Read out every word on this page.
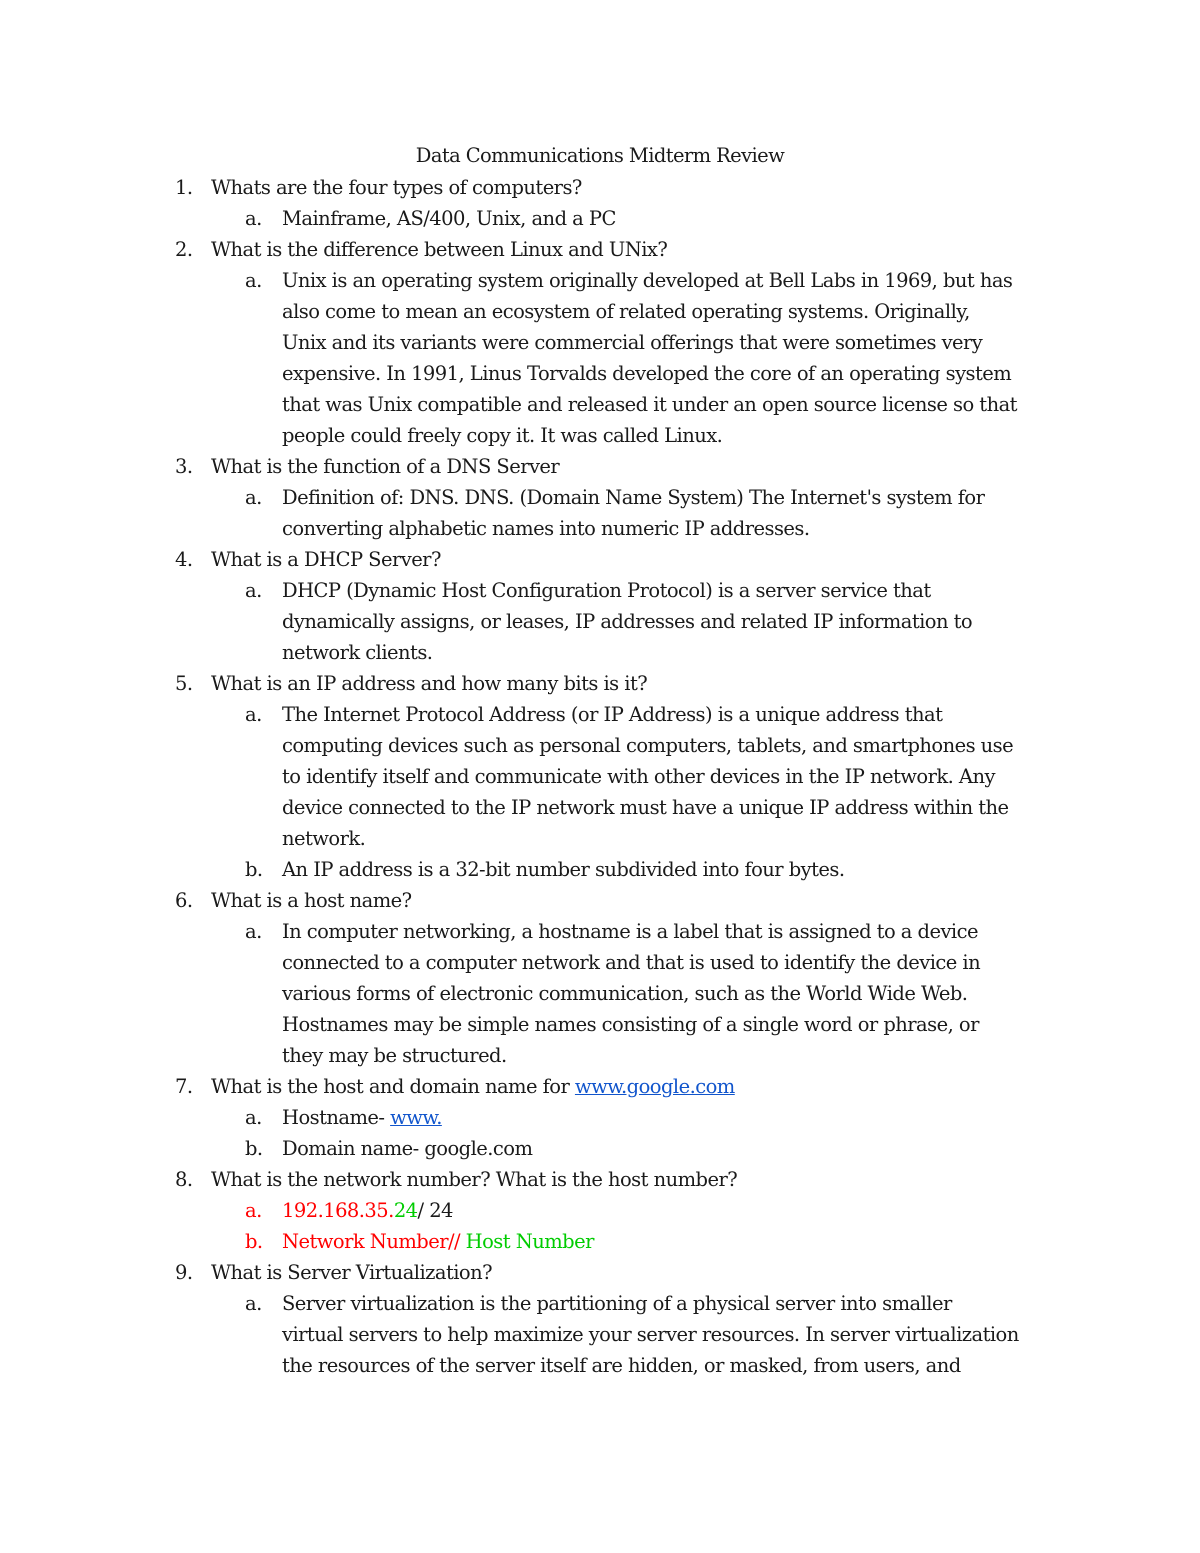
Data Communications Midterm Review
1. Whats are the four types of computers?
a. Mainframe, AS/400, Unix, and a PC
2. What is the difference between Linux and UNix?
a. Unix is an operating system originally developed at Bell Labs in 1969, but has
also come to mean an ecosystem of related operating systems. Originally,
Unix and its variants were commercial offerings that were sometimes very
expensive. In 1991, Linus Torvalds developed the core of an operating system
that was Unix compatible and released it under an open source license so that
people could freely copy it. It was called Linux.
3. What is the function of a DNS Server
a. Definition of: DNS. DNS. (Domain Name System) The Internet's system for
converting alphabetic names into numeric IP addresses.
4. What is a DHCP Server?
a. DHCP (Dynamic Host Configuration Protocol) is a server service that
dynamically assigns, or leases, IP addresses and related IP information to
network clients.
5. What is an IP address and how many bits is it?
a. The Internet Protocol Address (or IP Address) is a unique address that
computing devices such as personal computers, tablets, and smartphones use
to identify itself and communicate with other devices in the IP network. Any
device connected to the IP network must have a unique IP address within the
network.
b. An IP address is a 32-bit number subdivided into four bytes.
6. What is a host name?
a. In computer networking, a hostname is a label that is assigned to a device
connected to a computer network and that is used to identify the device in
various forms of electronic communication, such as the World Wide Web.
Hostnames may be simple names consisting of a single word or phrase, or
they may be structured.
7. What is the host and domain name for www.google.com
a. Hostname- www.
b. Domain name- google.com
8. What is the network number? What is the host number?
a. 192.168.35.24/ 24
b. Network Number// Host Number
9. What is Server Virtualization?
a. Server virtualization is the partitioning of a physical server into smaller
virtual servers to help maximize your server resources. In server virtualization
the resources of the server itself are hidden, or masked, from users, and
